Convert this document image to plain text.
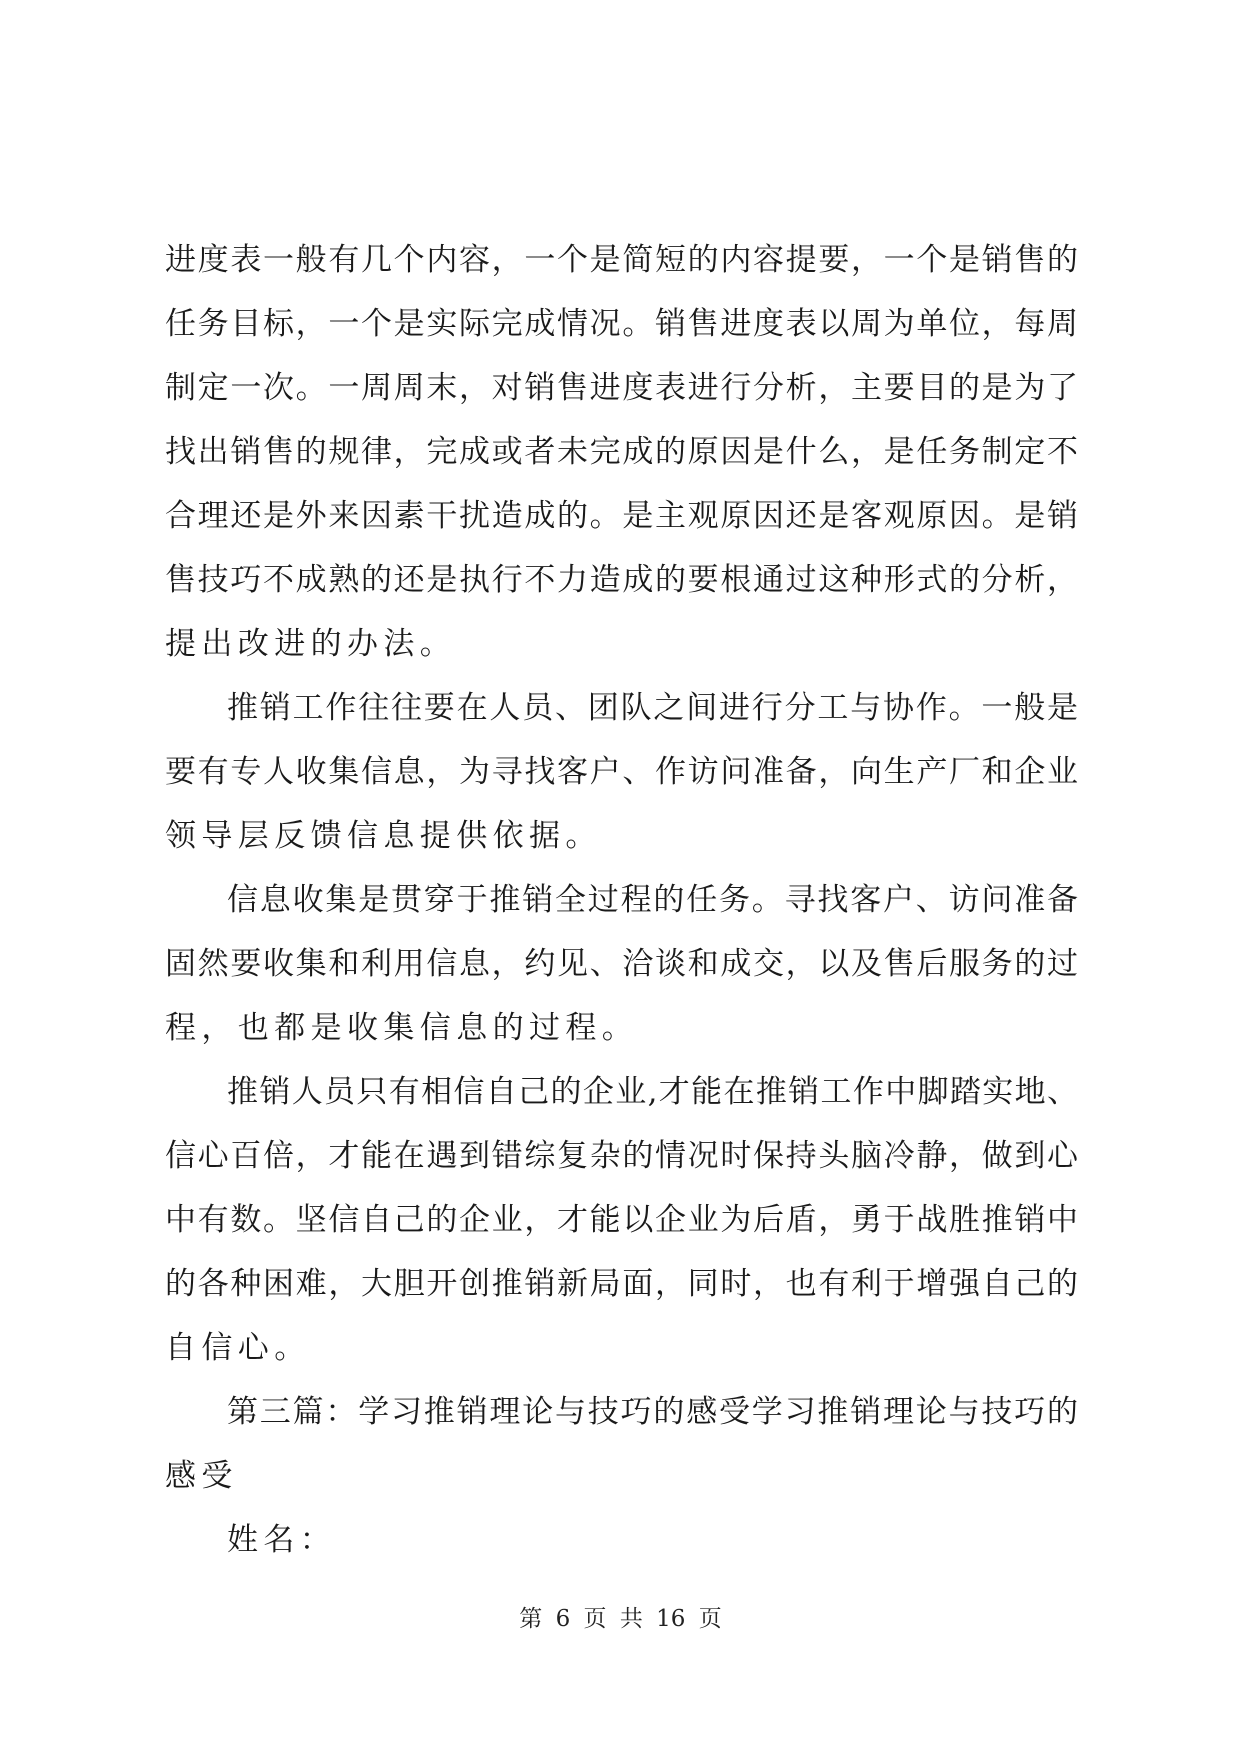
进度表一般有几个内容，一个是简短的内容提要，一个是销售的
任务目标，一个是实际完成情况。销售进度表以周为单位，每周
制定一次。一周周末，对销售进度表进行分析，主要目的是为了
找出销售的规律，完成或者未完成的原因是什么，是任务制定不
合理还是外来因素干扰造成的。是主观原因还是客观原因。是销
售技巧不成熟的还是执行不力造成的要根通过这种形式的分析，
提出改进的办法。
推销工作往往要在人员、团队之间进行分工与协作。一般是
要有专人收集信息，为寻找客户、作访问准备，向生产厂和企业
领导层反馈信息提供依据。
信息收集是贯穿于推销全过程的任务。寻找客户、访问准备
固然要收集和利用信息，约见、洽谈和成交，以及售后服务的过
程，也都是收集信息的过程。
推销人员只有相信自己的企业,才能在推销工作中脚踏实地、
信心百倍，才能在遇到错综复杂的情况时保持头脑冷静，做到心
中有数。坚信自己的企业，才能以企业为后盾，勇于战胜推销中
的各种困难，大胆开创推销新局面，同时，也有利于增强自己的
自信心。
第三篇：学习推销理论与技巧的感受学习推销理论与技巧的
感受
姓名：
第 6 页 共 16 页
